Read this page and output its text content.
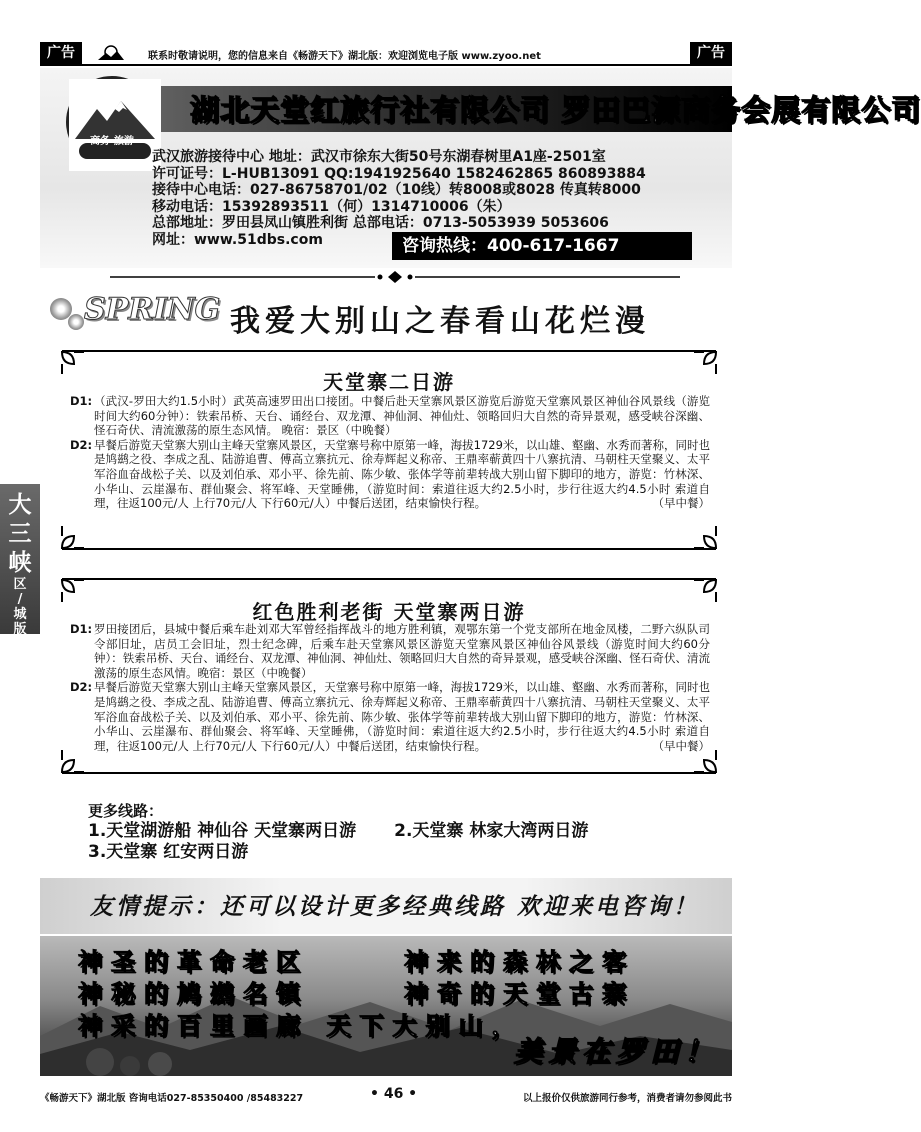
广告	联系时敬请说明，您的信息来自《畅游天下》湖北版：欢迎浏览电子版 www.zyoo.net	广告
商务·旅游
湖北天堂红旅行社有限公司 罗田巴源商务会展有限公司
武汉旅游接待中心 地址：武汉市徐东大街50号东湖春树里A1座-2501室
许可证号：L-HUB13091 QQ:1941925640 1582462865 860893884
接待中心电话：027-86758701/02（10线）转8008或8028 传真转8000
移动电话：15392893511（何）1314710006（朱）
总部地址：罗田县凤山镇胜利街 总部电话：0713-5053939 5053606
网址：www.51dbs.com	咨询热线：400-617-1667
SPRING 我爱大别山之春看山花烂漫
大
三
峡
区
/
城
版
天堂寨二日游
D1: （武汉-罗田大约1.5小时）武英高速罗田出口接团。中餐后赴天堂寨风景区游览后游览天堂寨风景区神仙谷风景线（游览时间大约60分钟）：铁索吊桥、天台、诵经台、双龙潭、神仙洞、神仙灶、领略回归大自然的奇异景观，感受峡谷深幽、怪石奇伏、清流激荡的原生态风情。 晚宿：景区（中晚餐）
D2: 早餐后游览天堂寨大别山主峰天堂寨风景区，天堂寨号称中原第一峰，海拔1729米，以山雄、壑幽、水秀而著称，同时也是鸠鹚之役、李成之乱、陆游追曹、傅高立寨抗元、徐寿辉起义称帝、王鼎率蕲黄四十八寨抗清、马朝柱天堂聚义、太平军浴血奋战松子关、以及刘伯承、邓小平、徐先前、陈少敏、张体学等前辈转战大别山留下脚印的地方，游览：竹林深、小华山、云崖瀑布、群仙聚会、将军峰、天堂睡佛，（游览时间：索道往返大约2.5小时，步行往返大约4.5小时 索道自理，往返100元/人 上行70元/人 下行60元/人）中餐后送团，结束愉快行程。	（早中餐）
红色胜利老街 天堂寨两日游
D1: 罗田接团后，县城中餐后乘车赴刘邓大军曾经指挥战斗的地方胜利镇，观鄂东第一个党支部所在地金凤楼，二野六纵队司令部旧址，店员工会旧址，烈士纪念碑，后乘车赴天堂寨风景区游览天堂寨风景区神仙谷风景线（游览时间大约60分钟）：铁索吊桥、天台、诵经台、双龙潭、神仙洞、神仙灶、领略回归大自然的奇异景观，感受峡谷深幽、怪石奇伏、清流激荡的原生态风情。晚宿：景区（中晚餐）
D2: 早餐后游览天堂寨大别山主峰天堂寨风景区，天堂寨号称中原第一峰，海拔1729米，以山雄、壑幽、水秀而著称，同时也是鸠鹚之役、李成之乱、陆游追曹、傅高立寨抗元、徐寿辉起义称帝、王鼎率蕲黄四十八寨抗清、马朝柱天堂聚义、太平军浴血奋战松子关、以及刘伯承、邓小平、徐先前、陈少敏、张体学等前辈转战大别山留下脚印的地方，游览：竹林深、小华山、云崖瀑布、群仙聚会、将军峰、天堂睡佛，（游览时间：索道往返大约2.5小时，步行往返大约4.5小时 索道自理，往返100元/人 上行70元/人 下行60元/人）中餐后送团，结束愉快行程。	（早中餐）
更多线路：
1.天堂湖游船 神仙谷 天堂寨两日游 2.天堂寨 林家大湾两日游
3.天堂寨 红安两日游
友情提示：还可以设计更多经典线路 欢迎来电咨询！
神圣的革命老区	神来的森林之客
神秘的鸠鹚名镇	神奇的天堂古寨
神采的百里画廊 天下大别山，
美景在罗田！
《畅游天下》湖北版 咨询电话027-85350400 /85483227	• 46 •	以上报价仅供旅游同行参考，消费者请勿参阅此书
